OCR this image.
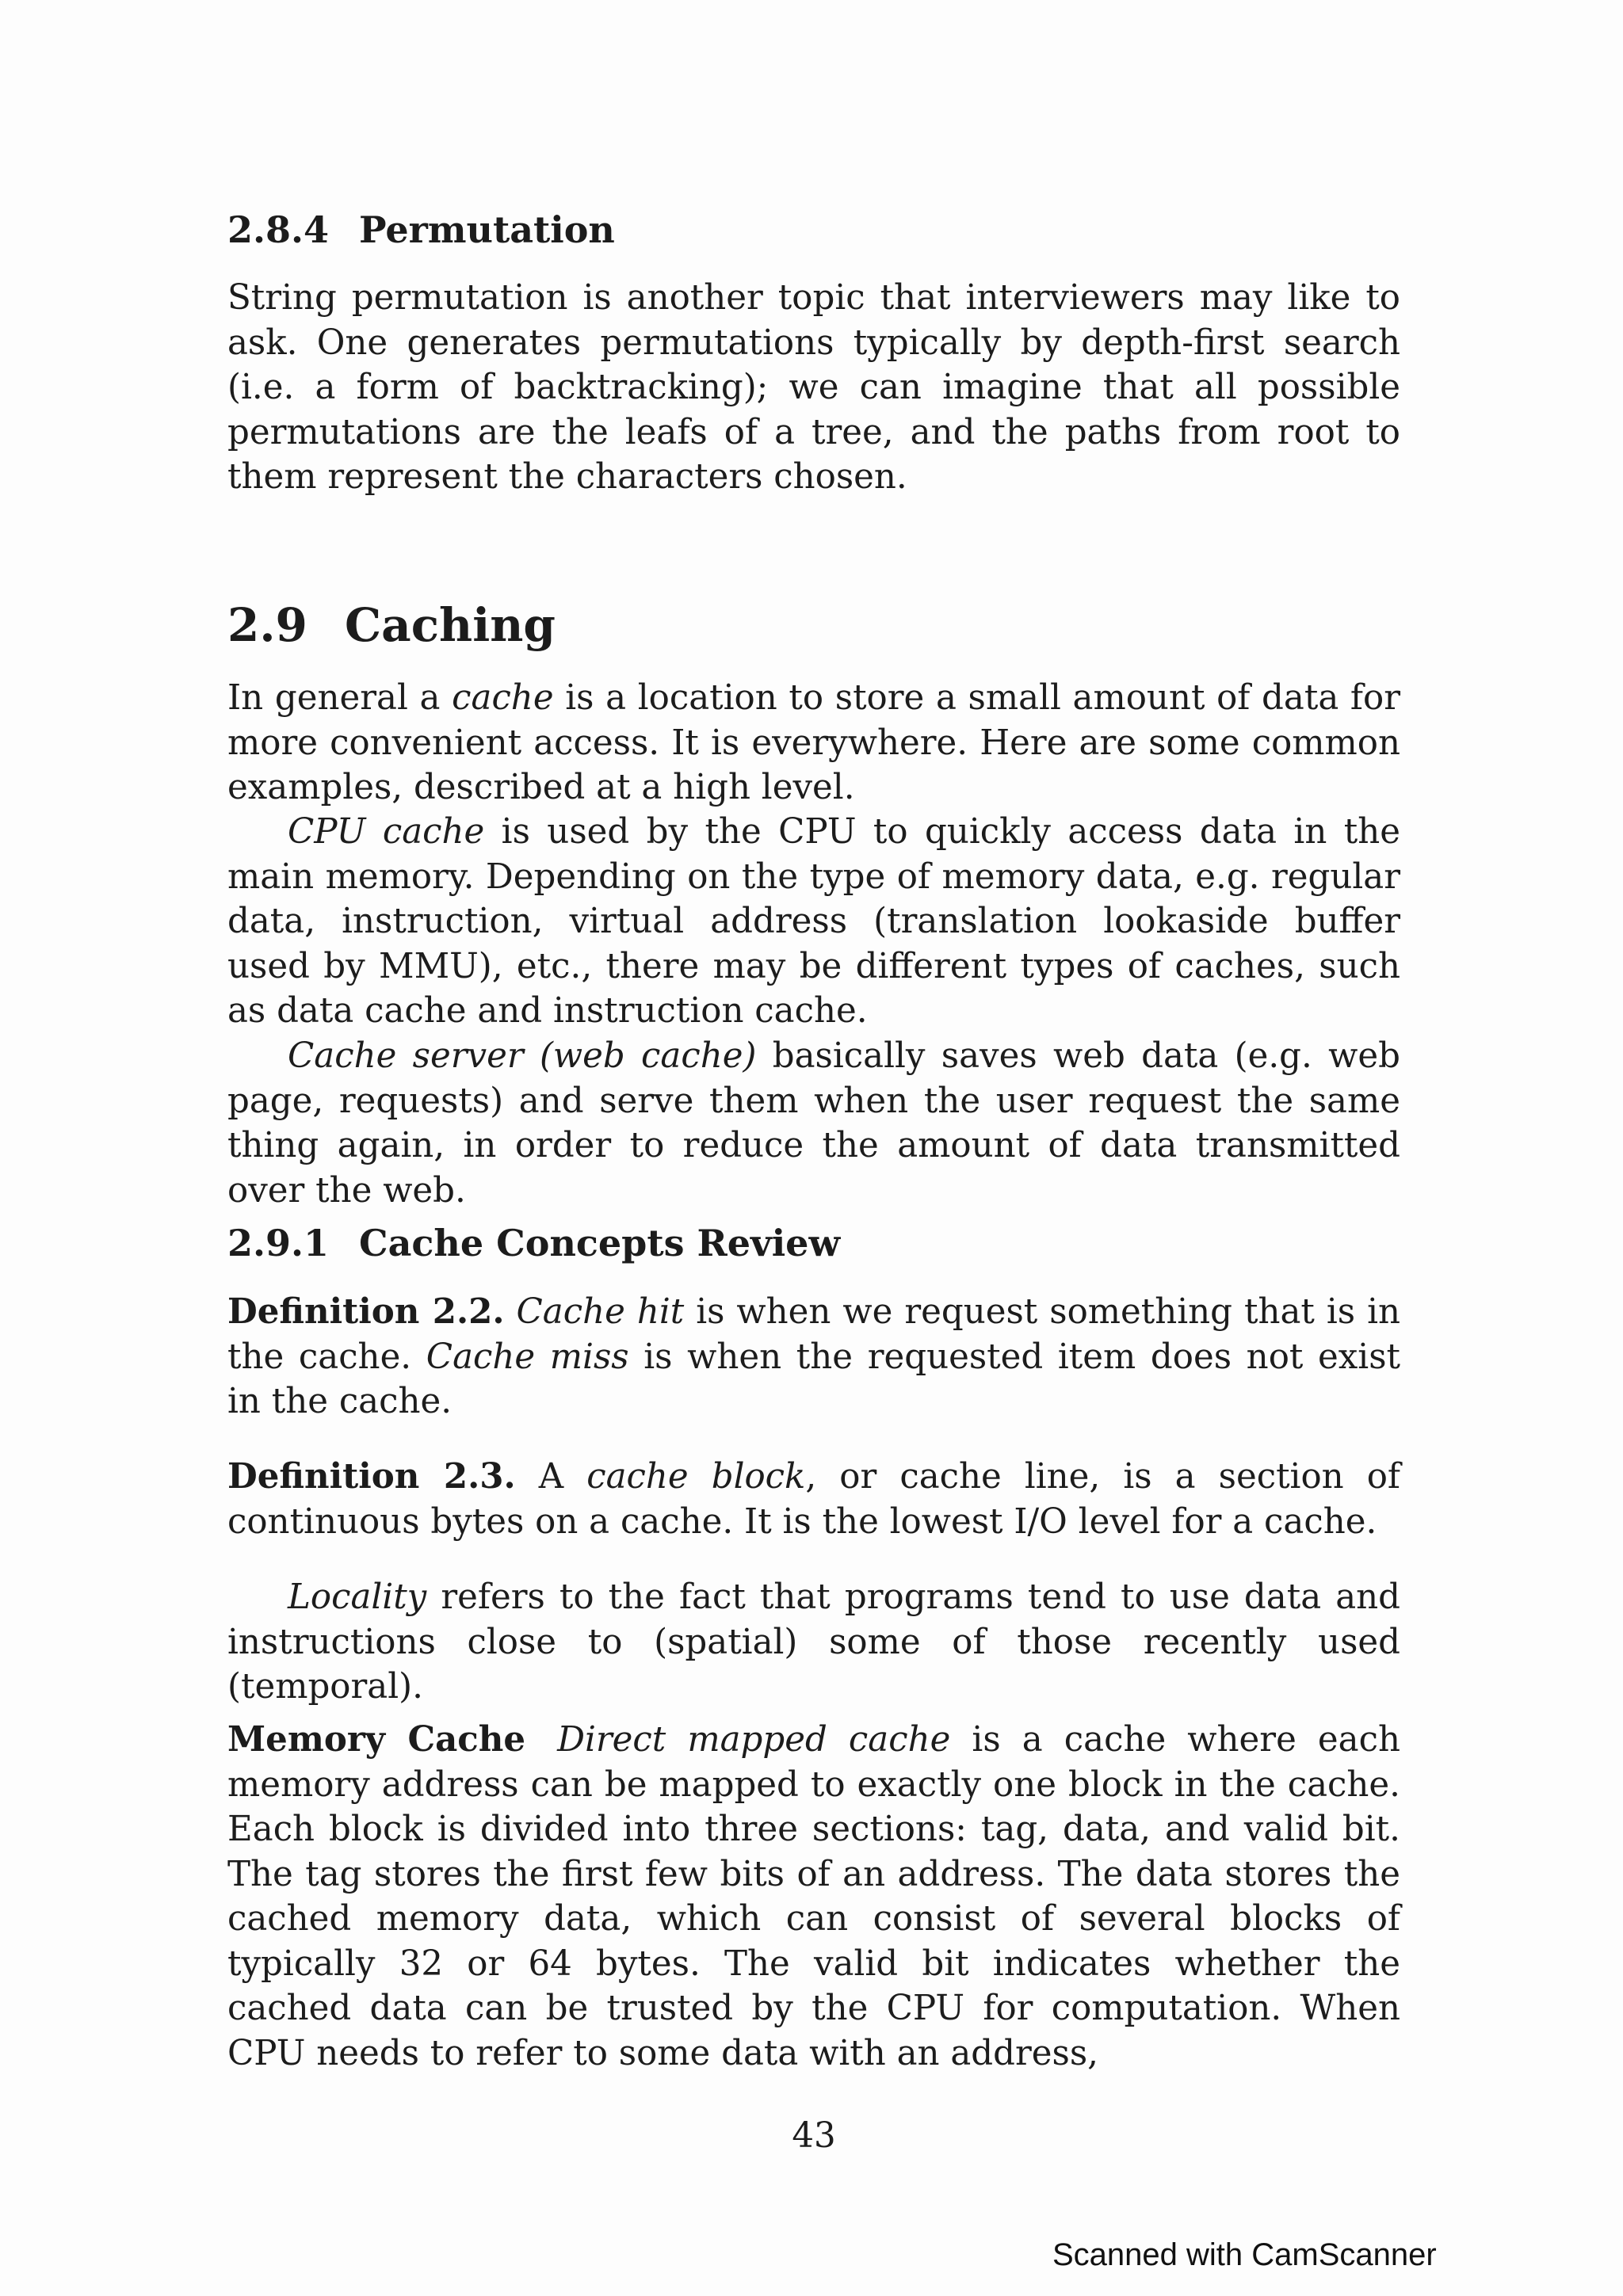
2.8.4 Permutation

String permutation is another topic that interviewers may like to ask. One generates permutations typically by depth-first search (i.e. a form of backtracking); we can imagine that all possible permutations are the leafs of a tree, and the paths from root to them represent the characters chosen.

2.9 Caching

In general a cache is a location to store a small amount of data for more convenient access. It is everywhere. Here are some common examples, described at a high level.

CPU cache is used by the CPU to quickly access data in the main memory. Depending on the type of memory data, e.g. regular data, instruction, virtual address (translation lookaside buffer used by MMU), etc., there may be different types of caches, such as data cache and instruction cache.

Cache server (web cache) basically saves web data (e.g. web page, requests) and serve them when the user request the same thing again, in order to reduce the amount of data transmitted over the web.

2.9.1 Cache Concepts Review

Definition 2.2. Cache hit is when we request something that is in the cache. Cache miss is when the requested item does not exist in the cache.

Definition 2.3. A cache block, or cache line, is a section of continuous bytes on a cache. It is the lowest I/O level for a cache.

Locality refers to the fact that programs tend to use data and instructions close to (spatial) some of those recently used (temporal).

Memory Cache Direct mapped cache is a cache where each memory address can be mapped to exactly one block in the cache. Each block is divided into three sections: tag, data, and valid bit. The tag stores the first few bits of an address. The data stores the cached memory data, which can consist of several blocks of typically 32 or 64 bytes. The valid bit indicates whether the cached data can be trusted by the CPU for computation. When CPU needs to refer to some data with an address,

43
Scanned with CamScanner
